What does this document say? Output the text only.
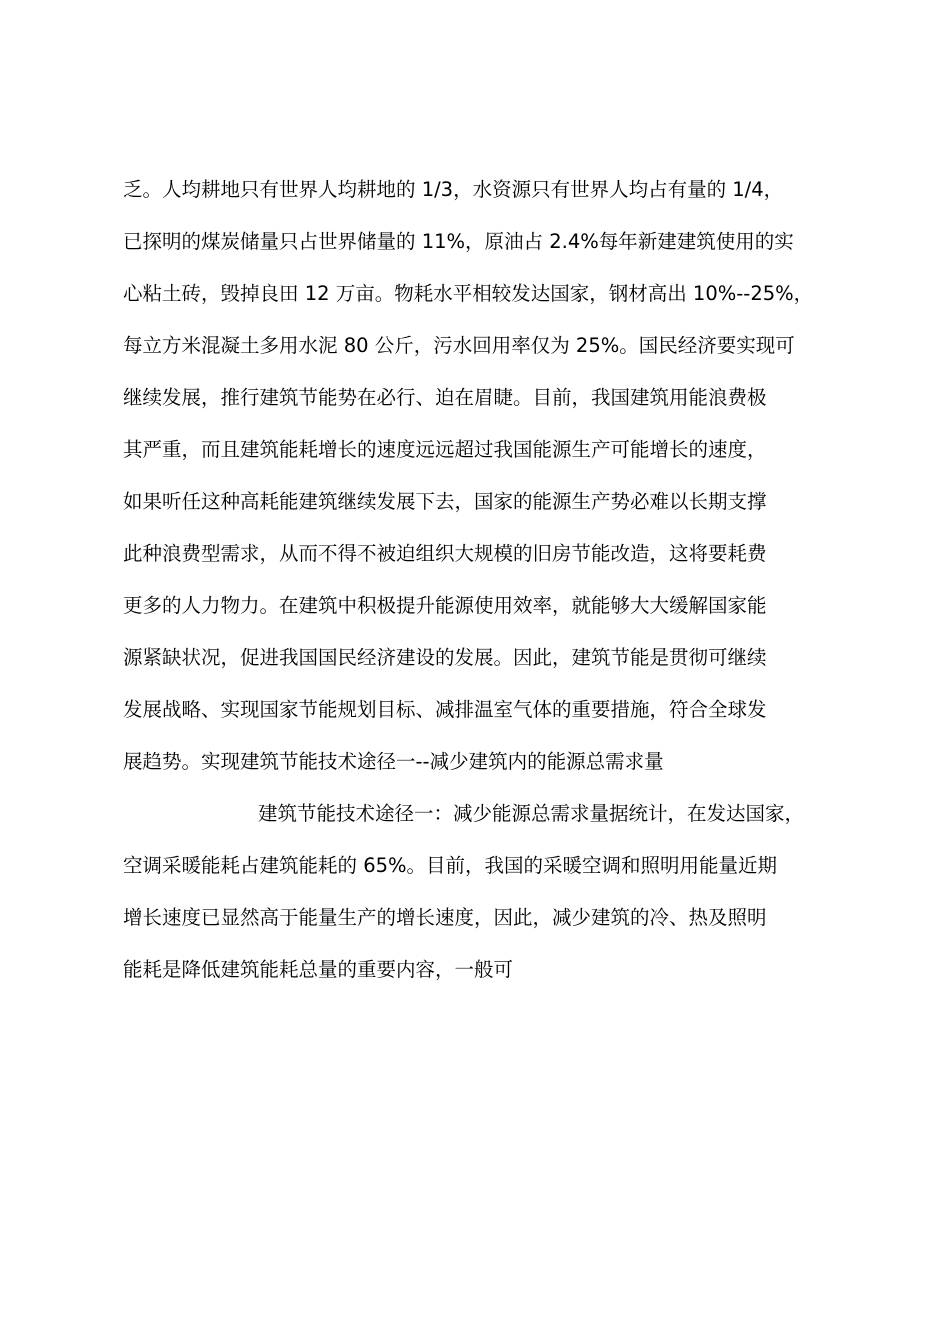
乏。人均耕地只有世界人均耕地的 1/3，水资源只有世界人均占有量的 1/4，
已探明的煤炭储量只占世界储量的 11%，原油占 2.4%每年新建建筑使用的实
心粘土砖，毁掉良田 12 万亩。物耗水平相较发达国家，钢材高出 10%--25%，
每立方米混凝土多用水泥 80 公斤，污水回用率仅为 25%。国民经济要实现可
继续发展，推行建筑节能势在必行、迫在眉睫。目前，我国建筑用能浪费极
其严重，而且建筑能耗增长的速度远远超过我国能源生产可能增长的速度，
如果听任这种高耗能建筑继续发展下去，国家的能源生产势必难以长期支撑
此种浪费型需求，从而不得不被迫组织大规模的旧房节能改造，这将要耗费
更多的人力物力。在建筑中积极提升能源使用效率，就能够大大缓解国家能
源紧缺状况，促进我国国民经济建设的发展。因此，建筑节能是贯彻可继续
发展战略、实现国家节能规划目标、减排温室气体的重要措施，符合全球发
展趋势。实现建筑节能技术途径一--减少建筑内的能源总需求量
建筑节能技术途径一：减少能源总需求量据统计，在发达国家，
空调采暖能耗占建筑能耗的 65%。目前，我国的采暖空调和照明用能量近期
增长速度已显然高于能量生产的增长速度，因此，减少建筑的冷、热及照明
能耗是降低建筑能耗总量的重要内容，一般可
